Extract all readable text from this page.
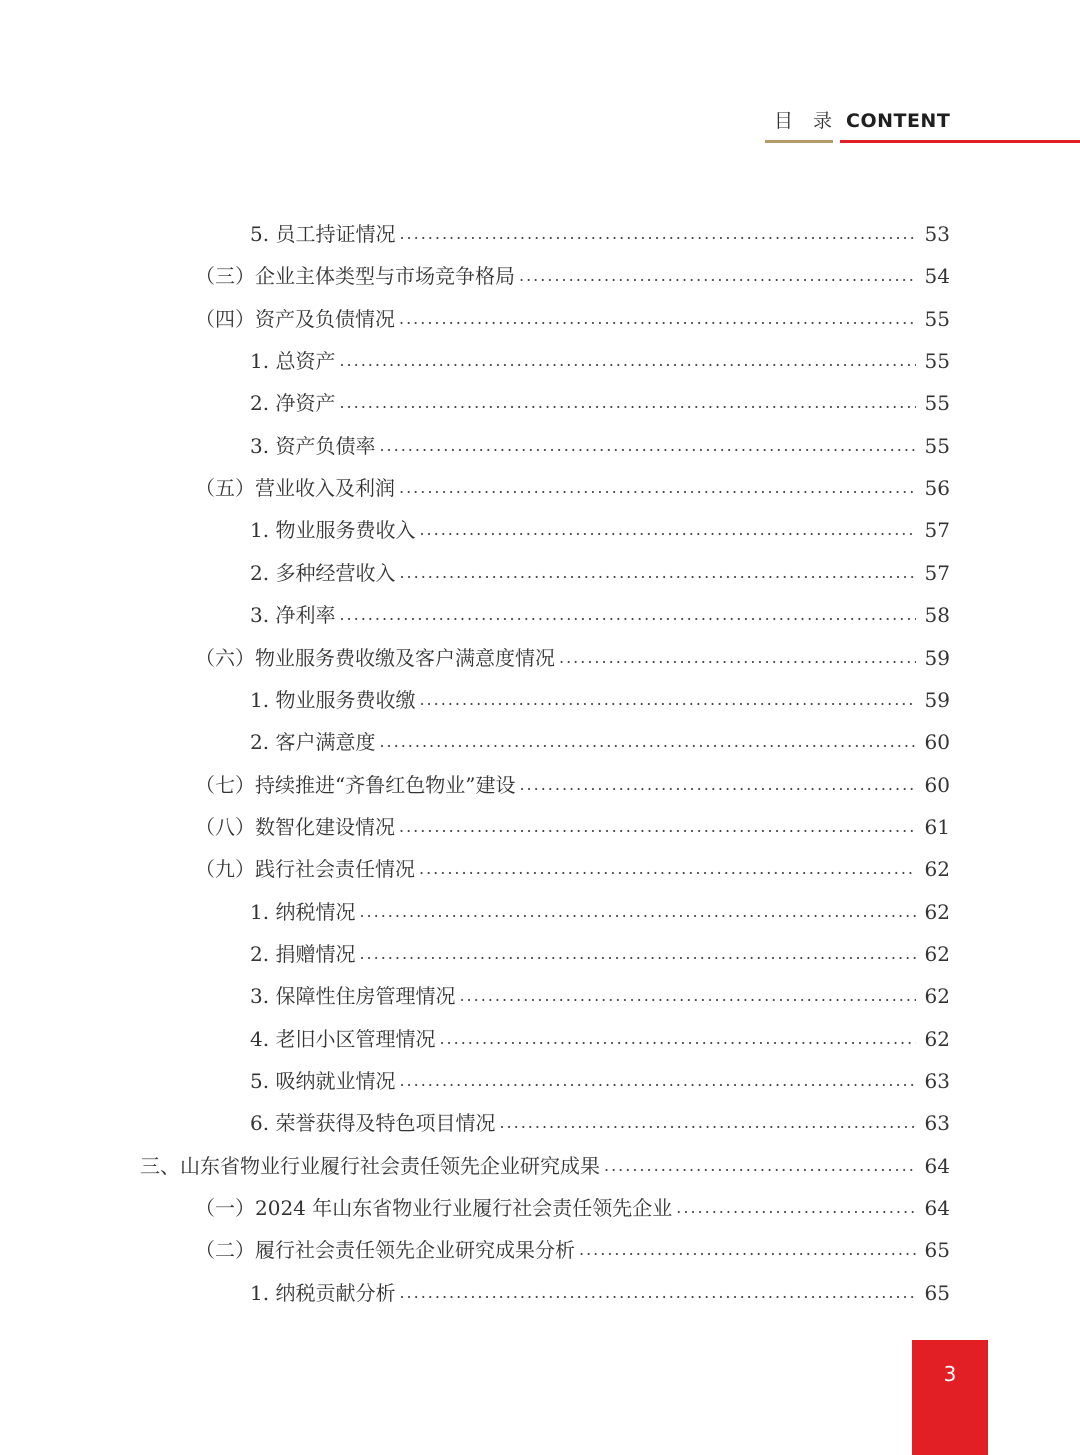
目 录 CONTENT
5. 员工持证情况 .....	53
（三）企业主体类型与市场竞争格局 .....	54
（四）资产及负债情况 .....	55
1. 总资产 .....	55
2. 净资产 .....	55
3. 资产负债率 .....	55
（五）营业收入及利润 .....	56
1. 物业服务费收入 .....	57
2. 多种经营收入 .....	57
3. 净利率 .....	58
（六）物业服务费收缴及客户满意度情况 .....	59
1. 物业服务费收缴 .....	59
2. 客户满意度 .....	60
（七）持续推进“齐鲁红色物业”建设 .....	60
（八）数智化建设情况 .....	61
（九）践行社会责任情况 .....	62
1. 纳税情况 .....	62
2. 捐赠情况 .....	62
3. 保障性住房管理情况 .....	62
4. 老旧小区管理情况 .....	62
5. 吸纳就业情况 .....	63
6. 荣誉获得及特色项目情况 .....	63
三、山东省物业行业履行社会责任领先企业研究成果 .....	64
（一）2024 年山东省物业行业履行社会责任领先企业 .....	64
（二）履行社会责任领先企业研究成果分析 .....	65
1. 纳税贡献分析 .....	65
3
